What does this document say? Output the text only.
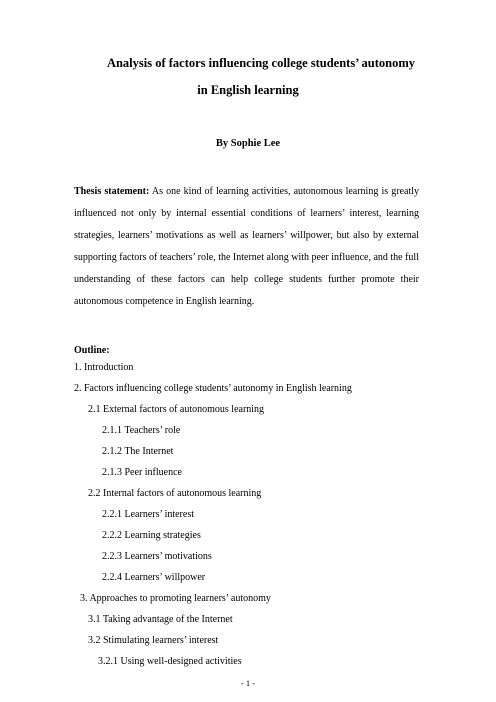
Analysis of factors influencing college students’ autonomy
in English learning
By Sophie Lee
Thesis statement: As one kind of learning activities, autonomous learning is greatly influenced not only by internal essential conditions of learners’ interest, learning strategies, learners’ motivations as well as learners’ willpower, but also by external supporting factors of teachers’ role, the Internet along with peer influence, and the full understanding of these factors can help college students further promote their autonomous competence in English learning.
Outline:
1. Introduction
2. Factors influencing college students’ autonomy in English learning
2.1 External factors of autonomous learning
2.1.1 Teachers’ role
2.1.2 The Internet
2.1.3 Peer influence
2.2 Internal factors of autonomous learning
2.2.1 Learners’ interest
2.2.2 Learning strategies
2.2.3 Learners’ motivations
2.2.4 Learners’ willpower
3. Approaches to promoting learners’ autonomy
3.1 Taking advantage of the Internet
3.2 Stimulating learners’ interest
3.2.1 Using well-designed activities
- 1 -
